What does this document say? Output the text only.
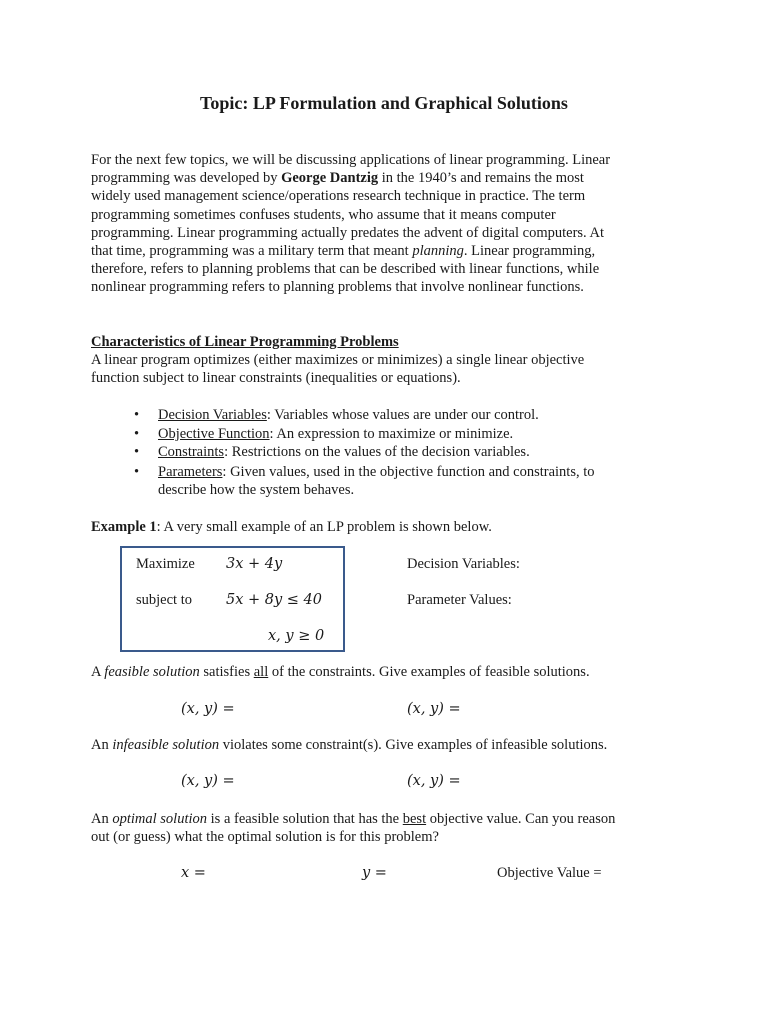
Topic: LP Formulation and Graphical Solutions
For the next few topics, we will be discussing applications of linear programming. Linear
programming was developed by George Dantzig in the 1940’s and remains the most
widely used management science/operations research technique in practice. The term
programming sometimes confuses students, who assume that it means computer
programming. Linear programming actually predates the advent of digital computers. At
that time, programming was a military term that meant planning. Linear programming,
therefore, refers to planning problems that can be described with linear functions, while
nonlinear programming refers to planning problems that involve nonlinear functions.
Characteristics of Linear Programming Problems
A linear program optimizes (either maximizes or minimizes) a single linear objective
function subject to linear constraints (inequalities or equations).
• Decision Variables: Variables whose values are under our control.
• Objective Function: An expression to maximize or minimize.
• Constraints: Restrictions on the values of the decision variables.
• Parameters: Given values, used in the objective function and constraints, to
describe how the system behaves.
Example 1: A very small example of an LP problem is shown below.
Maximize 3x + 4y
subject to 5x + 8y ≤ 40
x, y ≥ 0
Decision Variables:
Parameter Values:
A feasible solution satisfies all of the constraints. Give examples of feasible solutions.
(x, y) =	(x, y) =
An infeasible solution violates some constraint(s). Give examples of infeasible solutions.
(x, y) =	(x, y) =
An optimal solution is a feasible solution that has the best objective value. Can you reason
out (or guess) what the optimal solution is for this problem?
x =	y =	Objective Value =
